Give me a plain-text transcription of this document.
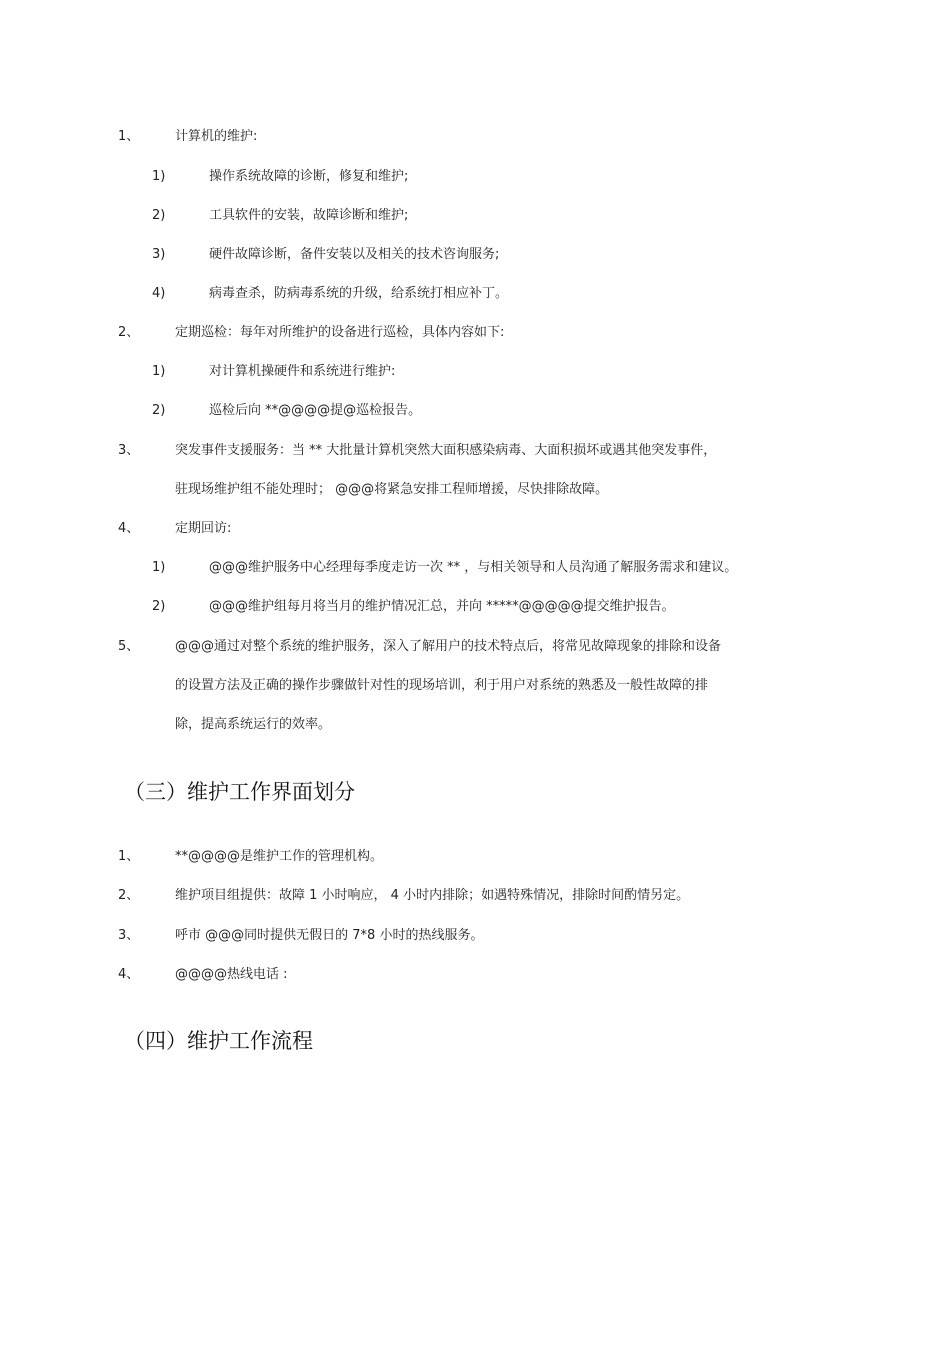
1、	计算机的维护:
1)	操作系统故障的诊断，修复和维护;
2)	工具软件的安装，故障诊断和维护;
3)	硬件故障诊断，备件安装以及相关的技术咨询服务;
4)	病毒查杀，防病毒系统的升级，给系统打相应补丁。
2、	定期巡检：每年对所维护的设备进行巡检，具体内容如下:
1)	对计算机操硬件和系统进行维护:
2)	巡检后向 **@@@@提@巡检报告。
3、	突发事件支援服务：当 ** 大批量计算机突然大面积感染病毒、大面积损坏或遇其他突发事件，
驻现场维护组不能处理时； @@@将紧急安排工程师增援，尽快排除故障。
4、	定期回访:
1)	@@@维护服务中心经理每季度走访一次 ** ，与相关领导和人员沟通了解服务需求和建议。
2)	@@@维护组每月将当月的维护情况汇总，并向 *****@@@@@提交维护报告。
5、	@@@通过对整个系统的维护服务，深入了解用户的技术特点后，将常见故障现象的排除和设备
的设置方法及正确的操作步骤做针对性的现场培训，利于用户对系统的熟悉及一般性故障的排
除，提高系统运行的效率。
（三）维护工作界面划分
1、	**@@@@是维护工作的管理机构。
2、	维护项目组提供：故障 1 小时响应， 4 小时内排除；如遇特殊情况，排除时间酌情另定。
3、	呼市 @@@同时提供无假日的 7*8 小时的热线服务。
4、	@@@@热线电话 :
（四）维护工作流程
